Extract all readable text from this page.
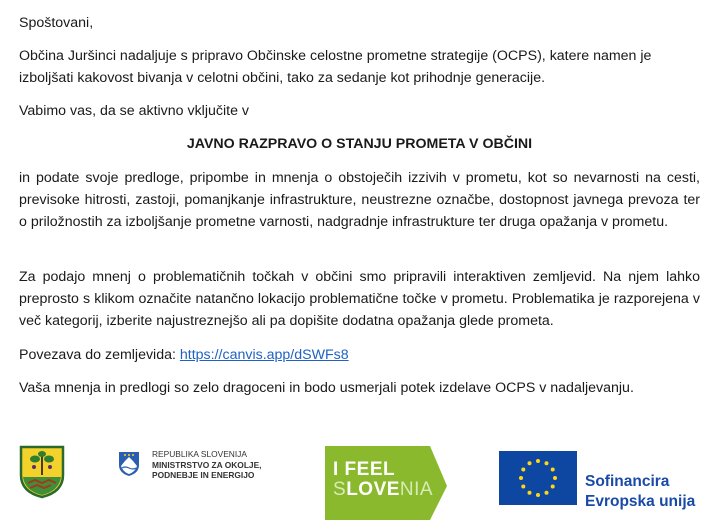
Spoštovani,

Občina Juršinci nadaljuje s pripravo Občinske celostne prometne strategije (OCPS), katere namen je izboljšati kakovost bivanja v celotni občini, tako za sedanje kot prihodnje generacije.

Vabimo vas, da se aktivno vključite v

JAVNO RAZPRAVO O STANJU PROMETA V OBČINI

in podate svoje predloge, pripombe in mnenja o obstoječih izzivih v prometu, kot so nevarnosti na cesti, previsoke hitrosti, zastoji, pomanjkanje infrastrukture, neustrezne označbe, dostopnost javnega prevoza ter o priložnostih za izboljšanje prometne varnosti, nadgradnje infrastrukture ter druga opažanja v prometu.

Za podajo mnenj o problematičnih točkah v občini smo pripravili interaktiven zemljevid. Na njem lahko preprosto s klikom označite natančno lokacijo problematične točke v prometu. Problematika je razporejena v več kategorij, izberite najustreznejšo ali pa dopišite dodatna opažanja glede prometa.

Povezava do zemljevida: https://canvis.app/dSWFs8

Vaša mnenja in predlogi so zelo dragoceni in bodo usmerjali potek izdelave OCPS v nadaljevanju.

REPUBLIKA SLOVENIJA
MINISTRSTVO ZA OKOLJE,
PODNEBJE IN ENERGIJO	I FEEL
SLOVENIA	Sofinancira
Evropska unija
